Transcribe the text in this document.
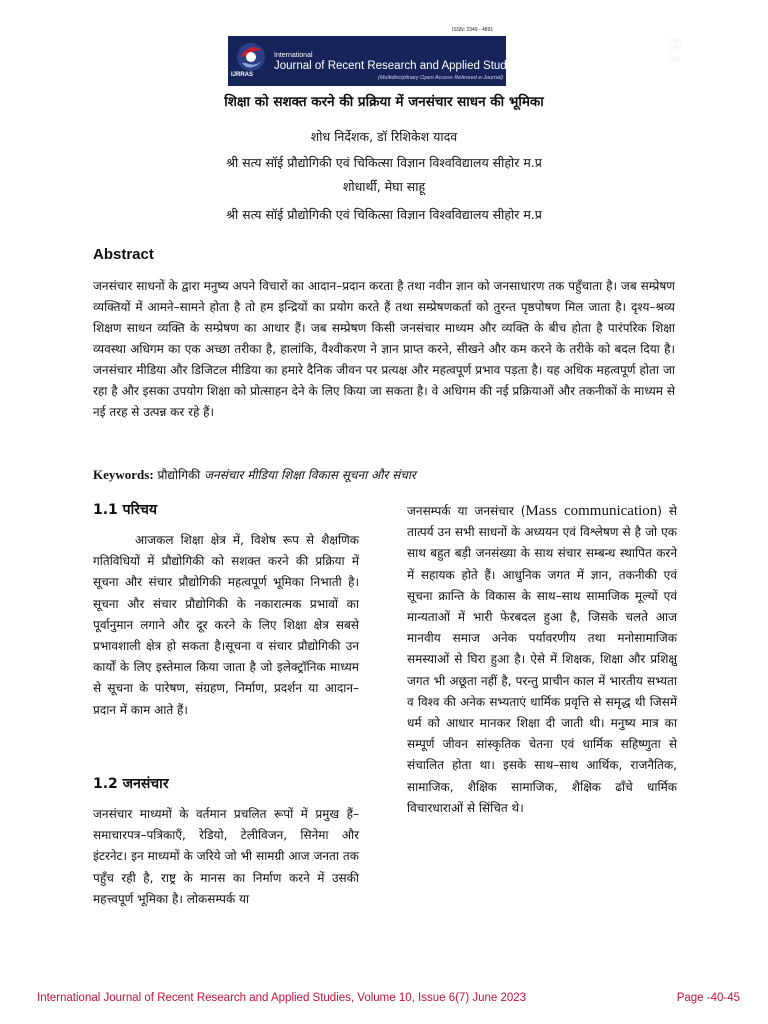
ISSN: 2349 - 4891
IJRRAS
ISSN: 2349 - 4891
International
Journal of Recent Research and Applied Studies
(Multidisciplinary Open Access Refereed e-Journal)
शिक्षा को सशक्त करने की प्रक्रिया में जनसंचार साधन की भूमिका
शोध निर्देशक, डॉ रिशिकेश यादव
श्री सत्य सॉई प्रौद्योगिकी एवं चिकित्सा विज्ञान विश्वविद्यालय सीहोर म.प्र
शोधार्थी, मेघा साहू
श्री सत्य सॉई प्रौद्योगिकी एवं चिकित्सा विज्ञान विश्वविद्यालय सीहोर म.प्र
Abstract
जनसंचार साधनों के द्वारा मनुष्य अपने विचारों का आदान–प्रदान करता है तथा नवीन ज्ञान को जनसाधारण तक पहुँचाता है। जब सम्प्रेषण व्यक्तियों में आमने–सामने होता है तो हम इन्द्रियों का प्रयोग करते हैं तथा सम्प्रेषणकर्ता को तुरन्त पृष्ठपोषण मिल जाता है। दृश्य–श्रव्य शिक्षण साधन व्यक्ति के सम्प्रेषण का आधार हैं। जब सम्प्रेषण किसी जनसंचार माध्यम और व्यक्ति के बीच होता है पारंपरिक शिक्षा व्यवस्था अधिगम का एक अच्छा तरीका है, हालांकि, वैश्वीकरण ने ज्ञान प्राप्त करने, सीखने और कम करने के तरीके को बदल दिया है। जनसंचार मीडिया और डिजिटल मीडिया का हमारे दैनिक जीवन पर प्रत्यक्ष और महत्वपूर्ण प्रभाव पड़ता है। यह अधिक महत्वपूर्ण होता जा रहा है और इसका उपयोग शिक्षा को प्रोत्साहन देने के लिए किया जा सकता है। वे अधिगम की नई प्रक्रियाओं और तकनीकों के माध्यम से नई तरह से उत्पन्न कर रहे हैं।
Keywords: प्रौद्योगिकी जनसंचार मीडिया शिक्षा विकास सूचना और संचार
1.1 परिचय
आजकल शिक्षा क्षेत्र में, विशेष रूप से शैक्षणिक गतिविधियों में प्रौद्योगिकी को सशक्त करने की प्रक्रिया में सूचना और संचार प्रौद्योगिकी महत्वपूर्ण भूमिका निभाती है। सूचना और संचार प्रौद्योगिकी के नकारात्मक प्रभावों का पूर्वानुमान लगाने और दूर करने के लिए शिक्षा क्षेत्र सबसे प्रभावशाली क्षेत्र हो सकता है।सूचना व संचार प्रौद्योगिकी उन कार्यों के लिए इस्तेमाल किया जाता है जो इलेक्ट्रॉनिक माध्यम से सूचना के पारेषण, संग्रहण, निर्माण, प्रदर्शन या आदान–प्रदान में काम आते हैं।
1.2 जनसंचार
जनसंचार माध्यमों के वर्तमान प्रचलित रूपों में प्रमुख हैं– समाचारपत्र–पत्रिकाएँ, रेडियो, टेलीविजन, सिनेमा और इंटरनेट। इन माध्यमों के जरिये जो भी सामग्री आज जनता तक पहुँच रही है, राष्ट्र के मानस का निर्माण करने में उसकी महत्त्वपूर्ण भूमिका है। लोकसम्पर्क या
जनसम्पर्क या जनसंचार (Mass communication) से तात्पर्य उन सभी साधनों के अध्ययन एवं विश्लेषण से है जो एक साथ बहुत बड़ी जनसंख्या के साथ संचार सम्बन्ध स्थापित करने में सहायक होते हैं। आधुनिक जगत में ज्ञान, तकनीकी एवं सूचना क्रान्ति के विकास के साथ–साथ सामाजिक मूल्यों एवं मान्यताओं में भारी फेरबदल हुआ है, जिसके चलते आज मानवीय समाज अनेक पर्यावरणीय तथा मनोसामाजिक समस्याओं से घिरा हुआ है। ऐसे में शिक्षक, शिक्षा और प्रशिक्षु जगत भी अछूता नहीं है, परन्तु प्राचीन काल में भारतीय सभ्यता व विश्व की अनेक सभ्यताएं धार्मिक प्रवृत्ति से समृद्ध थी जिसमें धर्म को आधार मानकर शिक्षा दी जाती थी। मनुष्य मात्र का सम्पूर्ण जीवन सांस्कृतिक चेतना एवं धार्मिक सहिष्णुता से संचालित होता था। इसके साथ–साथ आर्थिक, राजनैतिक, सामाजिक, शैक्षिक सामाजिक, शैक्षिक ढाँचे धार्मिक विचारधाराओं से सिंचित थे।
International Journal of Recent Research and Applied Studies, Volume 10, Issue 6(7) June 2023	Page -40-45
